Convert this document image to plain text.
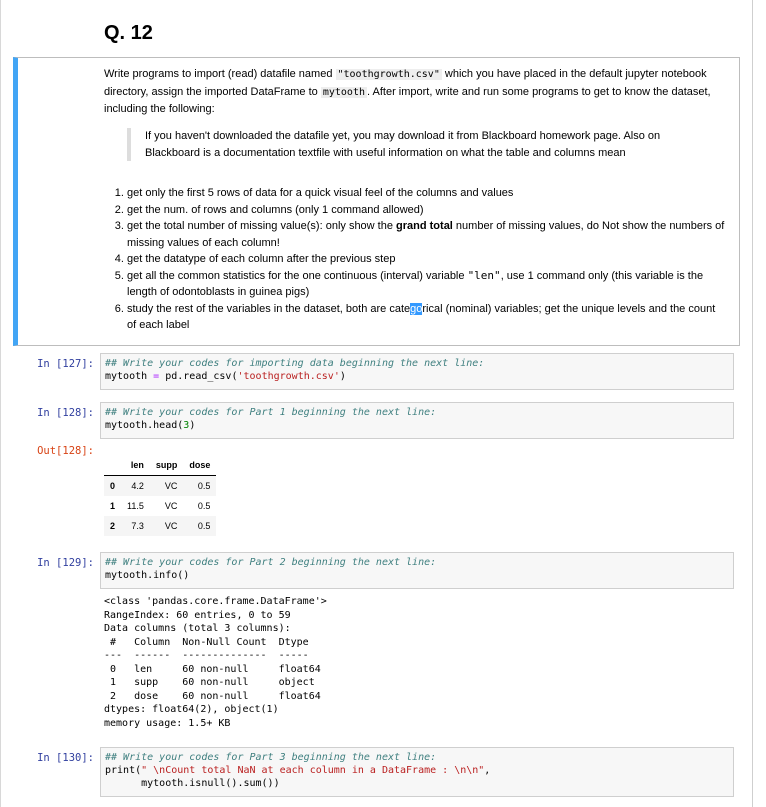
Q. 12
Write programs to import (read) datafile named "toothgrowth.csv" which you have placed in the default jupyter notebook
directory, assign the imported DataFrame to mytooth . After import, write and run some programs to get to know the dataset,
including the following:
If you haven't downloaded the datafile yet, you may download it from Blackboard homework page. Also on
Blackboard is a documentation textfile with useful information on what the table and columns mean
1. get only the first 5 rows of data for a quick visual feel of the columns and values
2. get the num. of rows and columns (only 1 command allowed)
3. get the total number of missing value(s): only show the grand total number of missing values, do Not show the numbers of missing values of each column!
4. get the datatype of each column after the previous step
5. get all the common statistics for the one continuous (interval) variable "len", use 1 command only (this variable is the length of odontoblasts in guinea pigs)
6. study the rest of the variables in the dataset, both are categorical (nominal) variables; get the unique levels and the count of each label
In [127]:	## Write your codes for importing data beginning the next line:
mytooth = pd.read_csv('toothgrowth.csv')
In [128]:	## Write your codes for Part 1 beginning the next line:
mytooth.head(3)
Out[128]:
	len	supp	dose
0	4.2	VC	0.5
1	11.5	VC	0.5
2	7.3	VC	0.5
In [129]:	## Write your codes for Part 2 beginning the next line:
mytooth.info()
<class 'pandas.core.frame.DataFrame'>
RangeIndex: 60 entries, 0 to 59
Data columns (total 3 columns):
#   Column  Non-Null Count  Dtype
---  ------  --------------  -----
0   len     60 non-null     float64
1   supp    60 non-null     object
2   dose    60 non-null     float64
dtypes: float64(2), object(1)
memory usage: 1.5+ KB
In [130]:	## Write your codes for Part 3 beginning the next line:
print(" \nCount total NaN at each column in a DataFrame : \n\n",
mytooth.isnull().sum())
